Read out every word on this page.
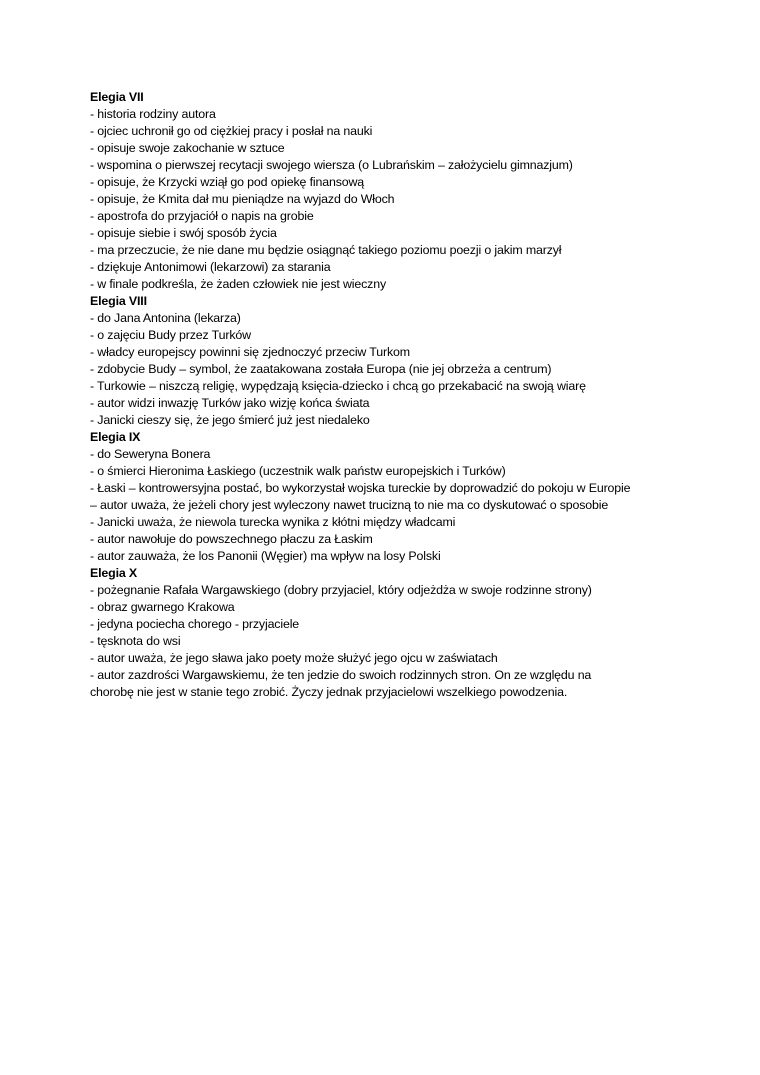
Elegia VII
- historia rodziny autora
- ojciec uchronił go od ciężkiej pracy i posłał na nauki
- opisuje swoje zakochanie w sztuce
- wspomina o pierwszej recytacji swojego wiersza (o Lubrańskim – założycielu gimnazjum)
- opisuje, że Krzycki wziął go pod opiekę finansową
- opisuje, że Kmita dał mu pieniądze na wyjazd do Włoch
- apostrofa do przyjaciół o napis na grobie
- opisuje siebie i swój sposób życia
- ma przeczucie, że nie dane mu będzie osiągnąć takiego poziomu poezji o jakim marzył
- dziękuje Antonimowi (lekarzowi) za starania
- w finale podkreśla, że żaden człowiek nie jest wieczny
Elegia VIII
- do Jana Antonina (lekarza)
- o zajęciu Budy przez Turków
- władcy europejscy powinni się zjednoczyć przeciw Turkom
- zdobycie Budy – symbol, że zaatakowana została Europa (nie jej obrzeża a centrum)
- Turkowie – niszczą religię, wypędzają księcia-dziecko i chcą go przekabacić na swoją wiarę
- autor widzi inwazję Turków jako wizję końca świata
- Janicki cieszy się, że jego śmierć już jest niedaleko
Elegia IX
- do Seweryna Bonera
- o śmierci Hieronima Łaskiego (uczestnik walk państw europejskich i Turków)
- Łaski – kontrowersyjna postać, bo wykorzystał wojska tureckie by doprowadzić do pokoju w Europie
– autor uważa, że jeżeli chory jest wyleczony nawet trucizną to nie ma co dyskutować o sposobie
- Janicki uważa, że niewola turecka wynika z kłótni między władcami
- autor nawołuje do powszechnego płaczu za Łaskim
- autor zauważa, że los Panonii (Węgier) ma wpływ na losy Polski
Elegia X
- pożegnanie Rafała Wargawskiego (dobry przyjaciel, który odjeżdża w swoje rodzinne strony)
- obraz gwarnego Krakowa
- jedyna pociecha chorego - przyjaciele
- tęsknota do wsi
- autor uważa, że jego sława jako poety może służyć jego ojcu w zaświatach
- autor zazdrości Wargawskiemu, że ten jedzie do swoich rodzinnych stron. On ze względu na
chorobę nie jest w stanie tego zrobić. Życzy jednak przyjacielowi wszelkiego powodzenia.
